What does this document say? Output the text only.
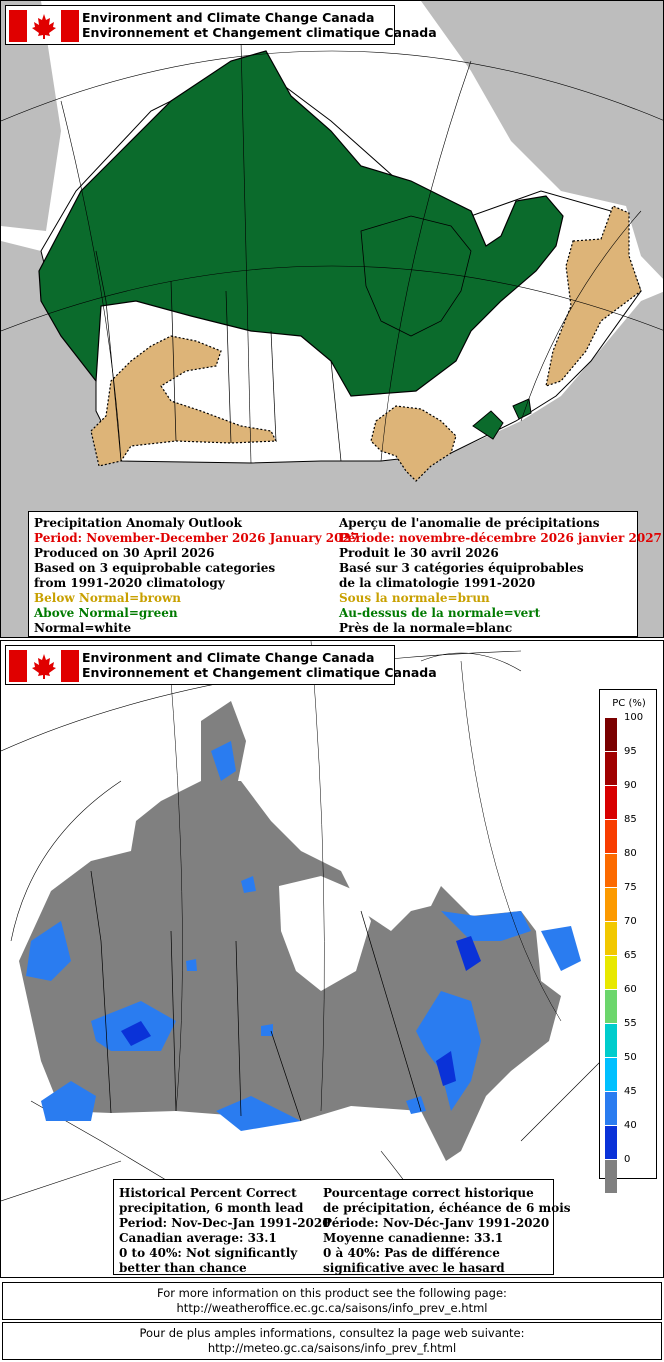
Environment and Climate Change Canada
Environnement et Changement climatique Canada
Precipitation Anomaly Outlook
Period: November-December 2026 January 2027
Produced on 30 April 2026
Based on 3 equiprobable categories
from 1991-2020 climatology
Below Normal=brown
Above Normal=green
Normal=white
Aperçu de l'anomalie de précipitations
Période: novembre-décembre 2026 janvier 2027
Produit le 30 avril 2026
Basé sur 3 catégories équiprobables
de la climatologie 1991-2020
Sous la normale=brun
Au-dessus de la normale=vert
Près de la normale=blanc
Environment and Climate Change Canada
Environnement et Changement climatique Canada
PC (%)
100
95
90
85
80
75
70
65
60
55
50
45
40
0
Historical Percent Correct
precipitation, 6 month lead
Period: Nov-Dec-Jan 1991-2020
Canadian average: 33.1
0 to 40%: Not significantly
better than chance
Pourcentage correct historique
de précipitation, échéance de 6 mois
Période: Nov-Déc-Janv 1991-2020
Moyenne canadienne: 33.1
0 à 40%: Pas de différence
significative avec le hasard
For more information on this product see the following page:
http://weatheroffice.ec.gc.ca/saisons/info_prev_e.html
Pour de plus amples informations, consultez la page web suivante:
http://meteo.gc.ca/saisons/info_prev_f.html
